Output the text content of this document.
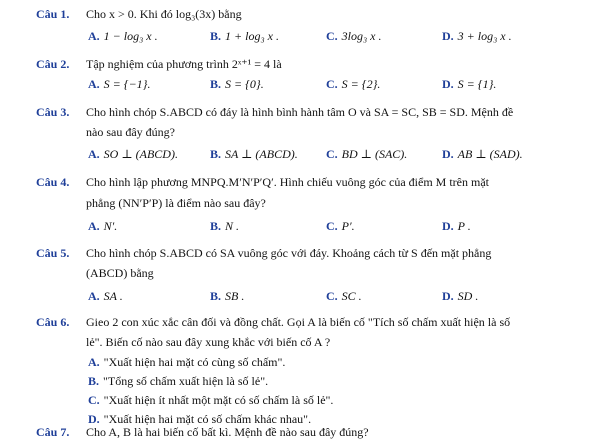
Câu 1. Cho x > 0. Khi đó log₃(3x) bằng
A. 1 − log₃ x .	B. 1 + log₃ x .	C. 3log₃ x .	D. 3 + log₃ x .
Câu 2. Tập nghiệm của phương trình 2ˣ⁺¹ = 4 là
A. S = {−1}.	B. S = {0}.	C. S = {2}.	D. S = {1}.
Câu 3. Cho hình chóp S.ABCD có đáy là hình bình hành tâm O và SA = SC, SB = SD. Mệnh đề
nào sau đây đúng?
A. SO ⊥ (ABCD).	B. SA ⊥ (ABCD). C. BD ⊥ (SAC).	D. AB ⊥ (SAD).
Câu 4. Cho hình lập phương MNPQ.M′N′P′Q′. Hình chiếu vuông góc của điểm M trên mặt
phẳng (NN′P′P) là điểm nào sau đây?
A. N′.	B. N .	C. P′.	D. P .
Câu 5. Cho hình chóp S.ABCD có SA vuông góc với đáy. Khoảng cách từ S đến mặt phẳng
(ABCD) bằng
A. SA .	B. SB .	C. SC .	D. SD .
Câu 6. Gieo 2 con xúc xắc cân đối và đồng chất. Gọi A là biến cố "Tích số chấm xuất hiện là số
lẻ". Biến cố nào sau đây xung khắc với biến cố A ?
A. "Xuất hiện hai mặt có cùng số chấm".
B. "Tổng số chấm xuất hiện là số lẻ".
C. "Xuất hiện ít nhất một mặt có số chấm là số lẻ".
D. "Xuất hiện hai mặt có số chấm khác nhau".
Câu 7. Cho A, B là hai biến cố bất kì. Mệnh đề nào sau đây đúng?
